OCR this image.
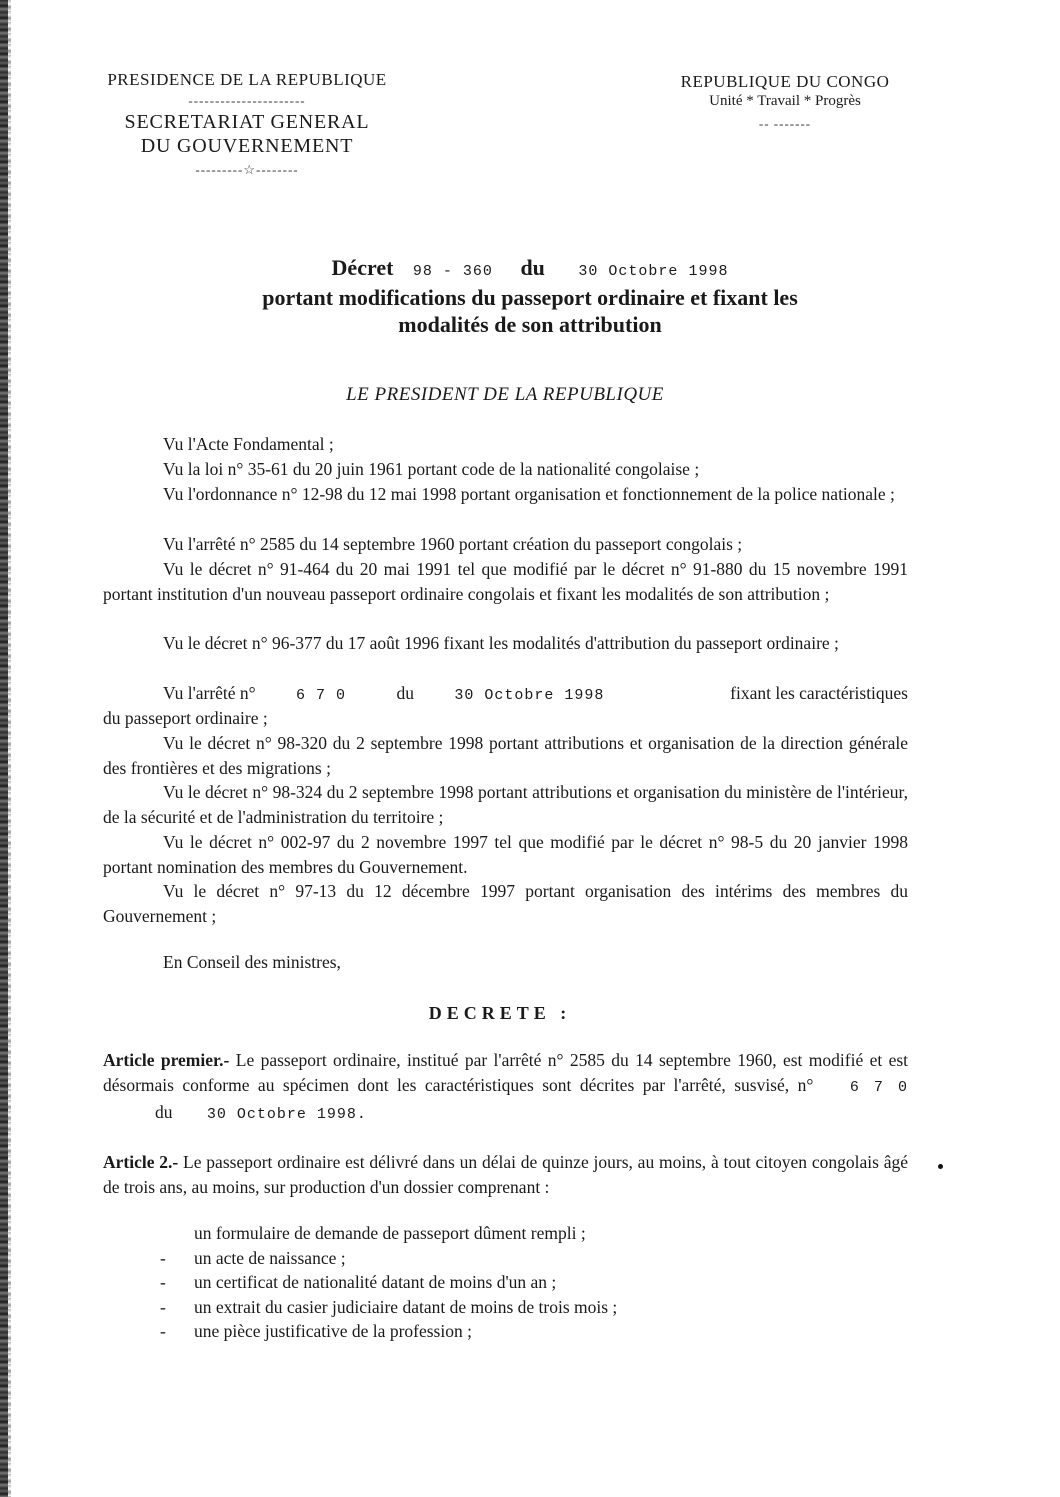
PRESIDENCE DE LA REPUBLIQUE
----------------------
SECRETARIAT GENERAL
DU GOUVERNEMENT
---------☆--------
REPUBLIQUE DU CONGO
Unité * Travail * Progrès
-- -------
Décret 98 - 360 du 30 Octobre 1998
portant modifications du passeport ordinaire et fixant les
modalités de son attribution
LE PRESIDENT DE LA REPUBLIQUE
Vu l'Acte Fondamental ;
Vu la loi n° 35-61 du 20 juin 1961 portant code de la nationalité congolaise ;
Vu l'ordonnance n° 12-98 du 12 mai 1998 portant organisation et fonctionnement de la police nationale ;
Vu l'arrêté n° 2585 du 14 septembre 1960 portant création du passeport congolais ;
Vu le décret n° 91-464 du 20 mai 1991 tel que modifié par le décret n° 91-880 du 15 novembre 1991 portant institution d'un nouveau passeport ordinaire congolais et fixant les modalités de son attribution ;
Vu le décret n° 96-377 du 17 août 1996 fixant les modalités d'attribution du passeport ordinaire ;
Vu l'arrêté n°	6 7 0	du	30 Octobre 1998	fixant les caractéristiques
du passeport ordinaire ;
Vu le décret n° 98-320 du 2 septembre 1998 portant attributions et organisation de la direction générale des frontières et des migrations ;
Vu le décret n° 98-324 du 2 septembre 1998 portant attributions et organisation du ministère de l'intérieur, de la sécurité et de l'administration du territoire ;
Vu le décret n° 002-97 du 2 novembre 1997 tel que modifié par le décret n° 98-5 du 20 janvier 1998 portant nomination des membres du Gouvernement.
Vu le décret n° 97-13 du 12 décembre 1997 portant organisation des intérims des membres du Gouvernement ;
En Conseil des ministres,
DECRETE :
Article premier.- Le passeport ordinaire, institué par l'arrêté n° 2585 du 14 septembre 1960, est modifié et est désormais conforme au spécimen dont les caractéristiques sont décrites par l'arrêté, susvisé, n° 6 7 0 du 30 Octobre 1998.
Article 2.- Le passeport ordinaire est délivré dans un délai de quinze jours, au moins, à tout citoyen congolais âgé de trois ans, au moins, sur production d'un dossier comprenant :
un formulaire de demande de passeport dûment rempli ;
- un acte de naissance ;
- un certificat de nationalité datant de moins d'un an ;
- un extrait du casier judiciaire datant de moins de trois mois ;
- une pièce justificative de la profession ;
